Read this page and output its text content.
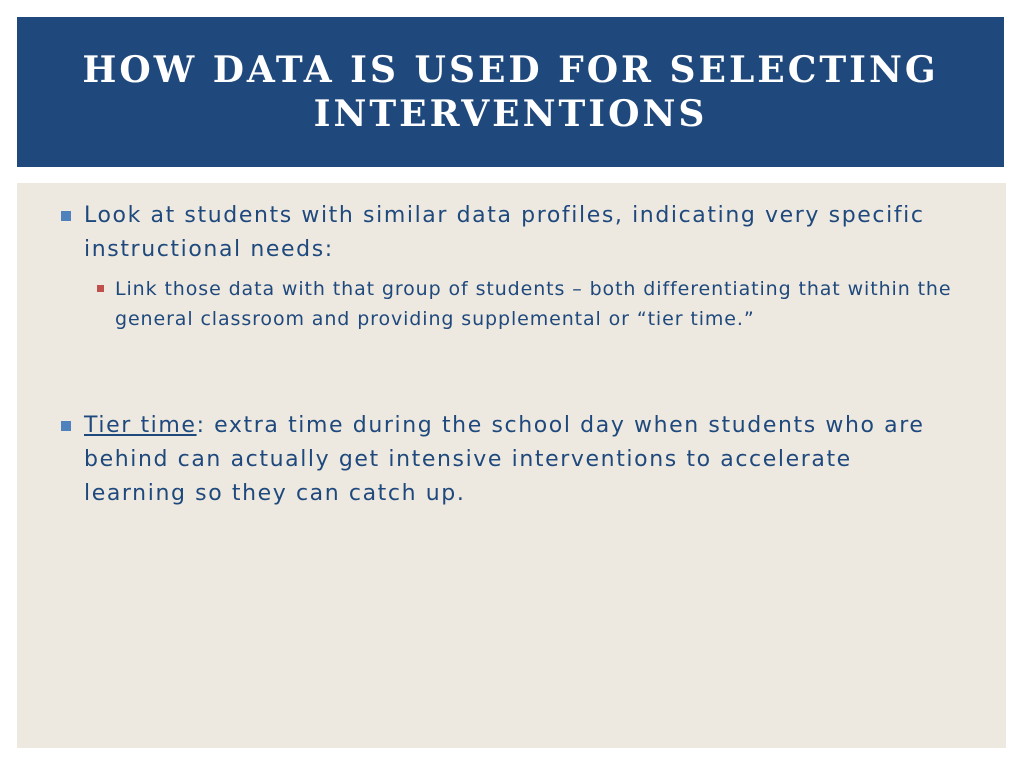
HOW DATA IS USED FOR SELECTING INTERVENTIONS
Look at students with similar data profiles, indicating very specific instructional needs:
Link those data with that group of students – both differentiating that within the general classroom and providing supplemental or “tier time.”
Tier time: extra time during the school day when students who are behind can actually get intensive interventions to accelerate learning so they can catch up.
